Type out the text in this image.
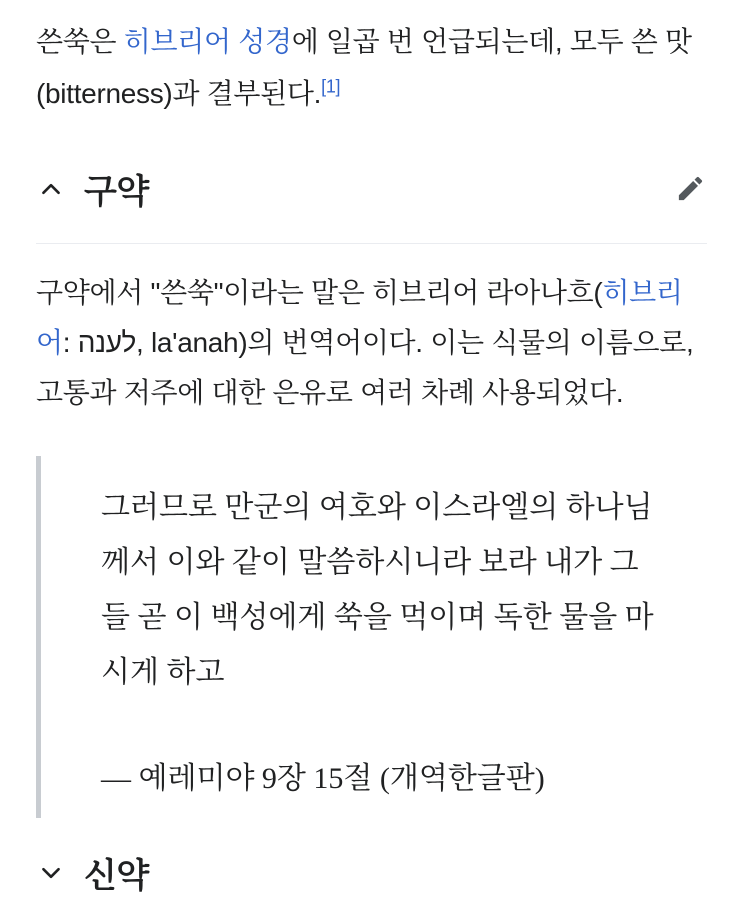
쓴쑥은 히브리어 성경에 일곱 번 언급되는데, 모두 쓴 맛(bitterness)과 결부된다.[1]

구약

구약에서 "쓴쑥"이라는 말은 히브리어 라아나흐(히브리어: לענה, la'anah)의 번역어이다. 이는 식물의 이름으로, 고통과 저주에 대한 은유로 여러 차례 사용되었다.

그러므로 만군의 여호와 이스라엘의 하나님께서 이와 같이 말씀하시니라 보라 내가 그들 곧 이 백성에게 쑥을 먹이며 독한 물을 마시게 하고

— 예레미야 9장 15절 (개역한글판)

신약
